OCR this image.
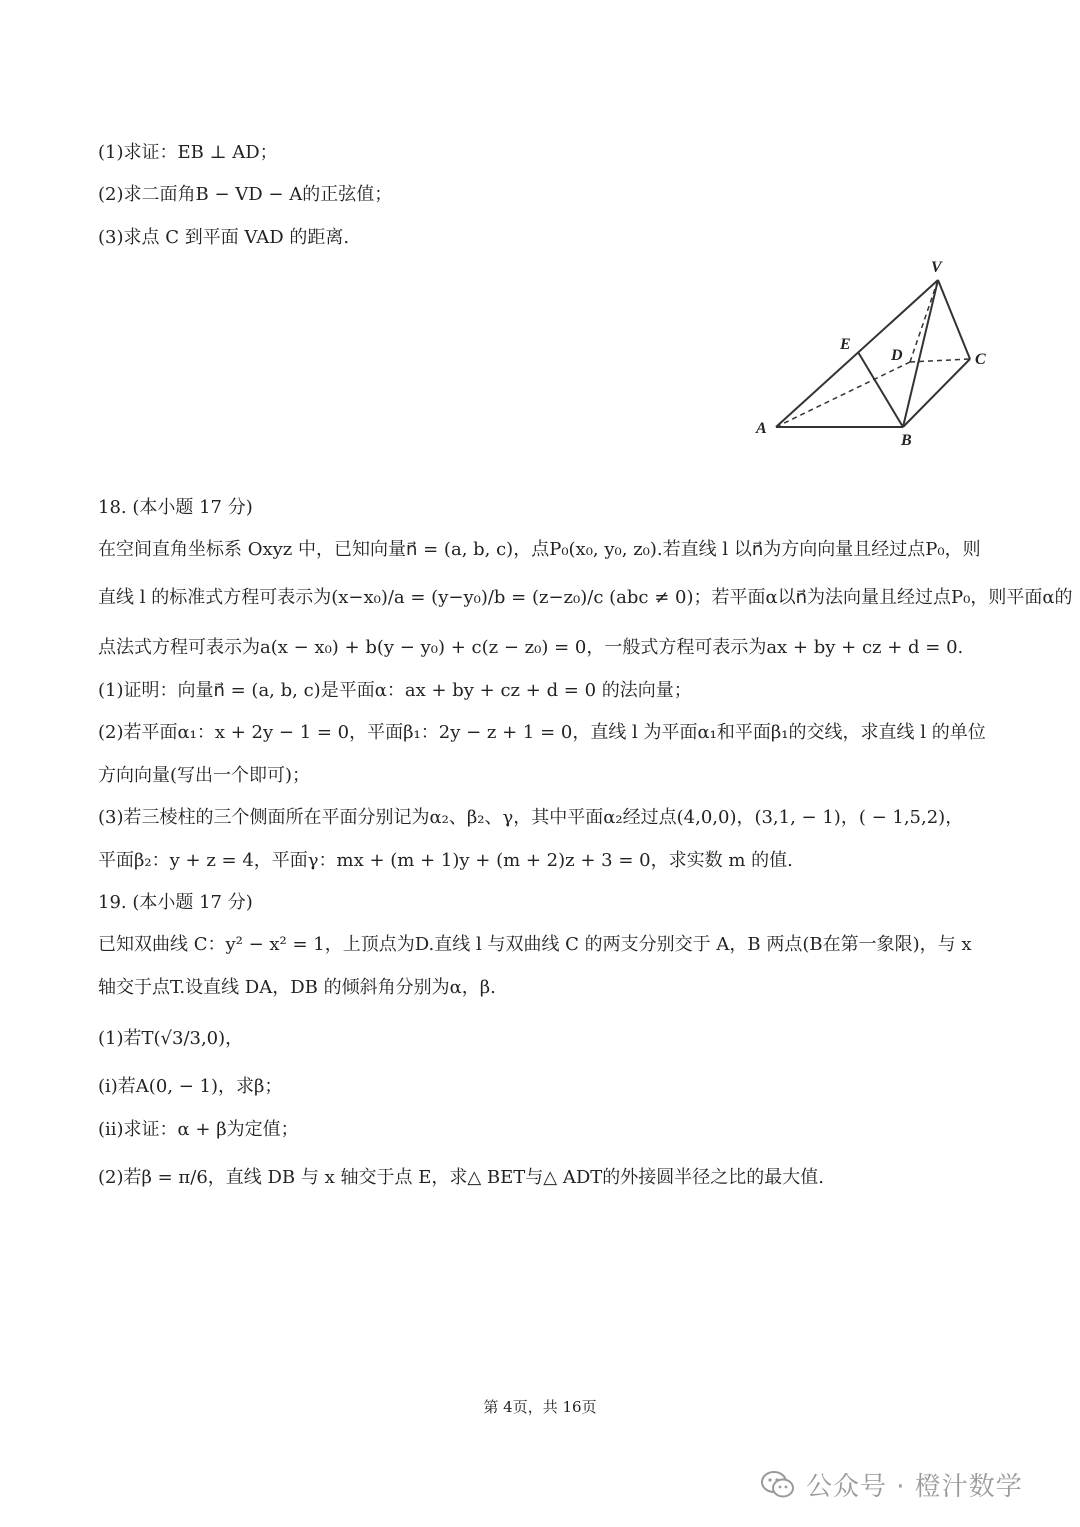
(1)求证：EB ⊥ AD；
(2)求二面角B − VD − A的正弦值；
(3)求点 C 到平面 VAD 的距离.
V
E
D	C
A
B
18. (本小题 17 分)
在空间直角坐标系 Oxyz 中，已知向量n⃗ = (a, b, c)，点P₀(x₀, y₀, z₀).若直线 l 以n⃗为方向向量且经过点P₀，则
直线 l 的标准式方程可表示为(x−x₀)/a = (y−y₀)/b = (z−z₀)/c (abc ≠ 0)；若平面α以n⃗为法向量且经过点P₀，则平面α的
点法式方程可表示为a(x − x₀) + b(y − y₀) + c(z − z₀) = 0，一般式方程可表示为ax + by + cz + d = 0.
(1)证明：向量n⃗ = (a, b, c)是平面α：ax + by + cz + d = 0 的法向量；
(2)若平面α₁：x + 2y − 1 = 0，平面β₁：2y − z + 1 = 0，直线 l 为平面α₁和平面β₁的交线，求直线 l 的单位
方向向量(写出一个即可)；
(3)若三棱柱的三个侧面所在平面分别记为α₂、β₂、γ，其中平面α₂经过点(4,0,0)，(3,1, − 1)，( − 1,5,2)，
平面β₂：y + z = 4，平面γ：mx + (m + 1)y + (m + 2)z + 3 = 0，求实数 m 的值.
19. (本小题 17 分)
已知双曲线 C：y² − x² = 1，上顶点为D.直线 l 与双曲线 C 的两支分别交于 A，B 两点(B在第一象限)，与 x
轴交于点T.设直线 DA，DB 的倾斜角分别为α，β.
(1)若T(√3/3,0)，
(i)若A(0, − 1)，求β；
(ii)求证：α + β为定值；
(2)若β = π/6，直线 DB 与 x 轴交于点 E，求△ BET与△ ADT的外接圆半径之比的最大值.
第 4页，共 16页
公众号 · 橙汁数学
